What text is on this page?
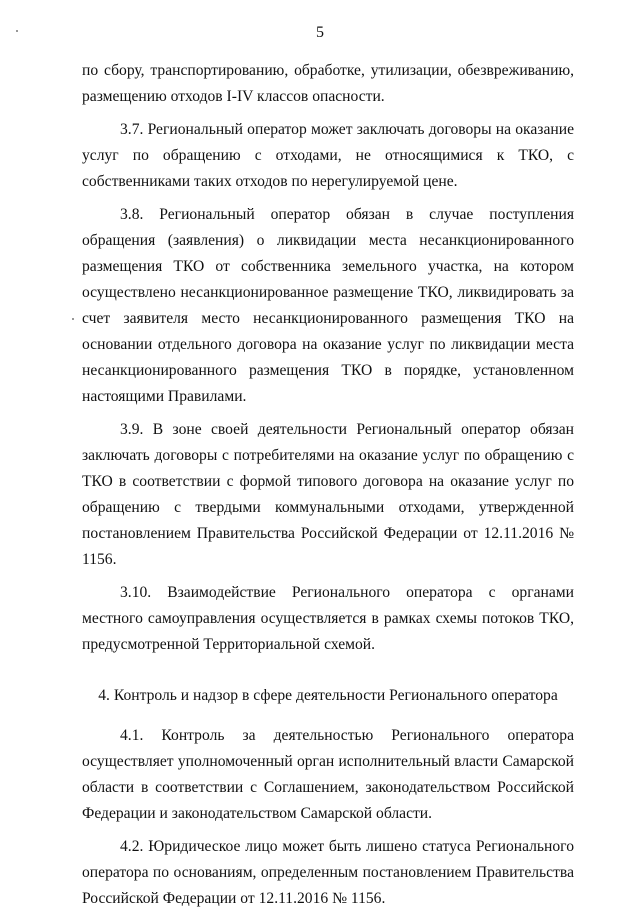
5

по сбору, транспортированию, обработке, утилизации, обезвреживанию, размещению отходов I-IV классов опасности.

3.7. Региональный оператор может заключать договоры на оказание услуг по обращению с отходами, не относящимися к ТКО, с собственниками таких отходов по нерегулируемой цене.

3.8. Региональный оператор обязан в случае поступления обращения (заявления) о ликвидации места несанкционированного размещения ТКО от собственника земельного участка, на котором осуществлено несанкционированное размещение ТКО, ликвидировать за счет заявителя место несанкционированного размещения ТКО на основании отдельного договора на оказание услуг по ликвидации места несанкционированного размещения ТКО в порядке, установленном настоящими Правилами.

3.9. В зоне своей деятельности Региональный оператор обязан заключать договоры с потребителями на оказание услуг по обращению с ТКО в соответствии с формой типового договора на оказание услуг по обращению с твердыми коммунальными отходами, утвержденной постановлением Правительства Российской Федерации от 12.11.2016 № 1156.

3.10. Взаимодействие Регионального оператора с органами местного самоуправления осуществляется в рамках схемы потоков ТКО, предусмотренной Территориальной схемой.

4. Контроль и надзор в сфере деятельности Регионального оператора

4.1. Контроль за деятельностью Регионального оператора осуществляет уполномоченный орган исполнительный власти Самарской области в соответствии с Соглашением, законодательством Российской Федерации и законодательством Самарской области.

4.2. Юридическое лицо может быть лишено статуса Регионального оператора по основаниям, определенным постановлением Правительства Российской Федерации от 12.11.2016 № 1156.
